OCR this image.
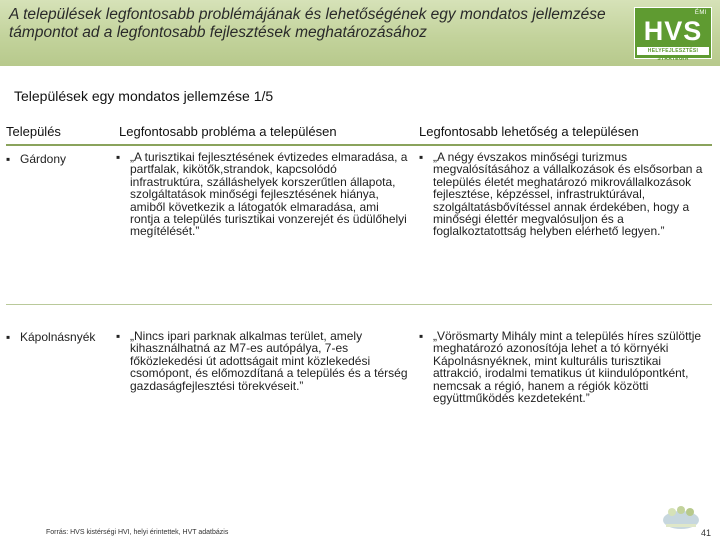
A települések legfontosabb problémájának és lehetőségének egy mondatos jellemzése támpontot ad a legfontosabb fejlesztések meghatározásához
ÉMI
HVS
HELYFEJLESZTÉSI STRATÉGIA
Települések egy mondatos jellemzése 1/5
Település	Legfontosabb probléma a településen	Legfontosabb lehetőség a településen
▪ Gárdony	▪ „A turisztikai fejlesztésének évtizedes elmaradása, a partfalak, kikötők,strandok, kapcsolódó infrastruktúra, szálláshelyek korszerűtlen állapota, szolgáltatások minőségi fejlesztésének hiánya, amiből következik a látogatók elmaradása, ami rontja a település turisztikai vonzerejét és üdülőhelyi megítélését.”
▪ „A négy évszakos minőségi turizmus megvalósításához a vállalkozások és elsősorban a település életét meghatározó mikrovállalkozások fejlesztése, képzéssel, infrastruktúrával, szolgáltatásbővítéssel annak érdekében, hogy a minőségi élettér megvalósuljon és a foglalkoztatottság helyben elérhető legyen.”
▪ Kápolnásnyék	▪ „Nincs ipari parknak alkalmas terület, amely kihasználhatná az M7-es autópálya, 7-es főközlekedési út adottságait mint közlekedési csomópont, és előmozdítaná a település és a térség gazdaságfejlesztési törekvéseit.”
▪ „Vörösmarty Mihály mint a település híres szülöttje meghatározó azonosítója lehet a tó környéki Kápolnásnyéknek, mint kulturális turisztikai attrakció, irodalmi tematikus út kiindulópontként, nemcsak a régió, hanem a régiók közötti együttműködés kezdeteként.”
Forrás: HVS kistérségi HVI, helyi érintettek, HVT adatbázis	41
